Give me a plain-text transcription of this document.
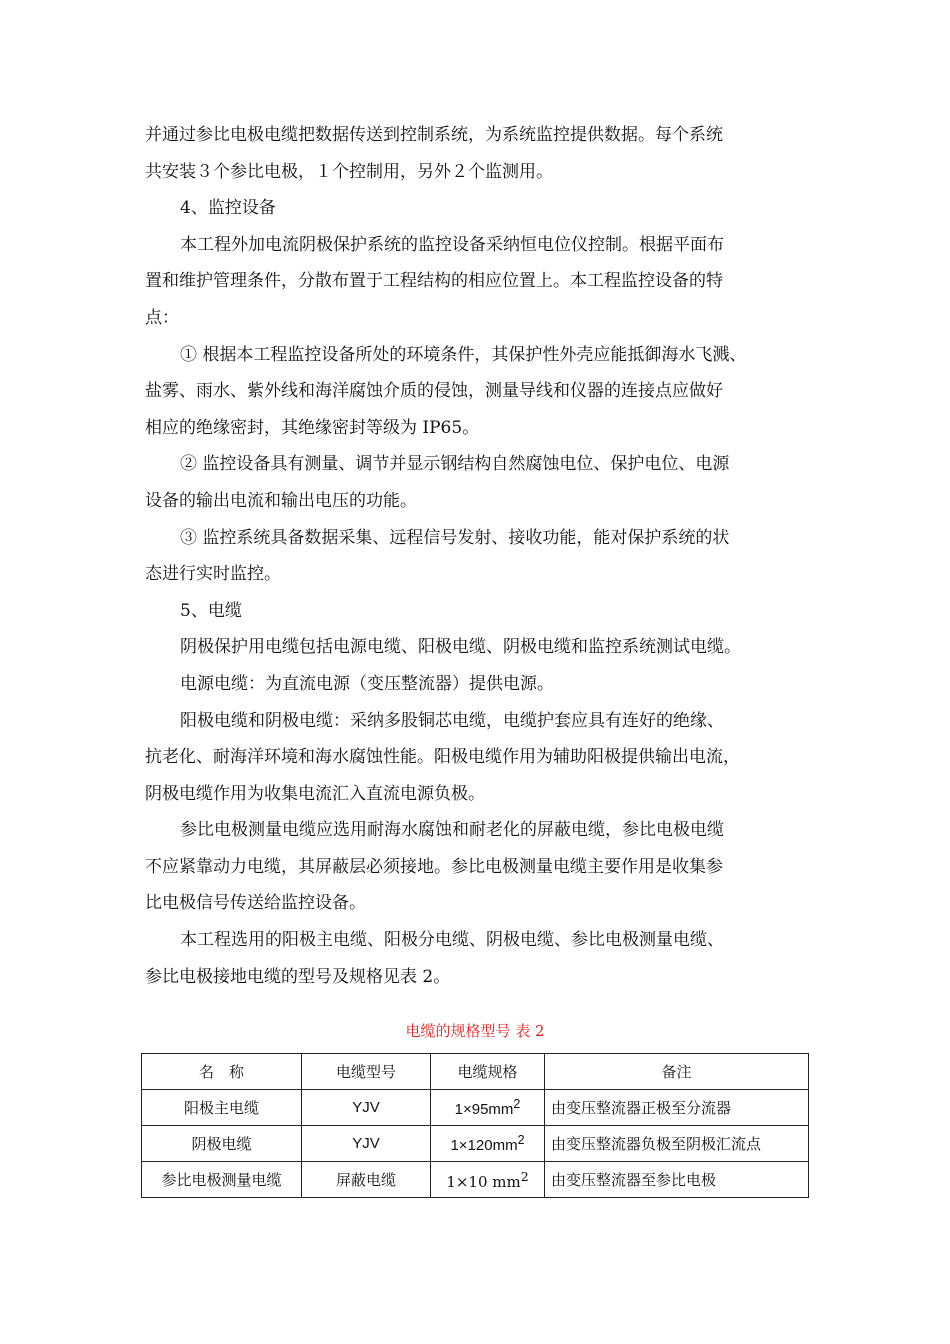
并通过参比电极电缆把数据传送到控制系统，为系统监控提供数据。每个系统
共安装３个参比电极，１个控制用，另外２个监测用。
4、监控设备
本工程外加电流阴极保护系统的监控设备采纳恒电位仪控制。根据平面布
置和维护管理条件，分散布置于工程结构的相应位置上。本工程监控设备的特
点：
① 根据本工程监控设备所处的环境条件，其保护性外壳应能抵御海水飞溅、
盐雾、雨水、紫外线和海洋腐蚀介质的侵蚀，测量导线和仪器的连接点应做好
相应的绝缘密封，其绝缘密封等级为 IP65。
② 监控设备具有测量、调节并显示钢结构自然腐蚀电位、保护电位、电源
设备的输出电流和输出电压的功能。
③ 监控系统具备数据采集、远程信号发射、接收功能，能对保护系统的状
态进行实时监控。
5、电缆
阴极保护用电缆包括电源电缆、阳极电缆、阴极电缆和监控系统测试电缆。
电源电缆：为直流电源（变压整流器）提供电源。
阳极电缆和阴极电缆：采纳多股铜芯电缆，电缆护套应具有连好的绝缘、
抗老化、耐海洋环境和海水腐蚀性能。阳极电缆作用为辅助阳极提供输出电流，
阴极电缆作用为收集电流汇入直流电源负极。
参比电极测量电缆应选用耐海水腐蚀和耐老化的屏蔽电缆，参比电极电缆
不应紧靠动力电缆，其屏蔽层必须接地。参比电极测量电缆主要作用是收集参
比电极信号传送给监控设备。
本工程选用的阳极主电缆、阳极分电缆、阴极电缆、参比电极测量电缆、
参比电极接地电缆的型号及规格见表 2。
电缆的规格型号 表 2
名　称	电缆型号	电缆规格	备注
阳极主电缆	YJV	$1\times 95mm^2$	由变压整流器正极至分流器
阴极电缆	YJV	$1\times 120mm^2$	由变压整流器负极至阴极汇流点
参比电极测量电缆	屏蔽电缆	1×10 $mm^2$	由变压整流器至参比电极
